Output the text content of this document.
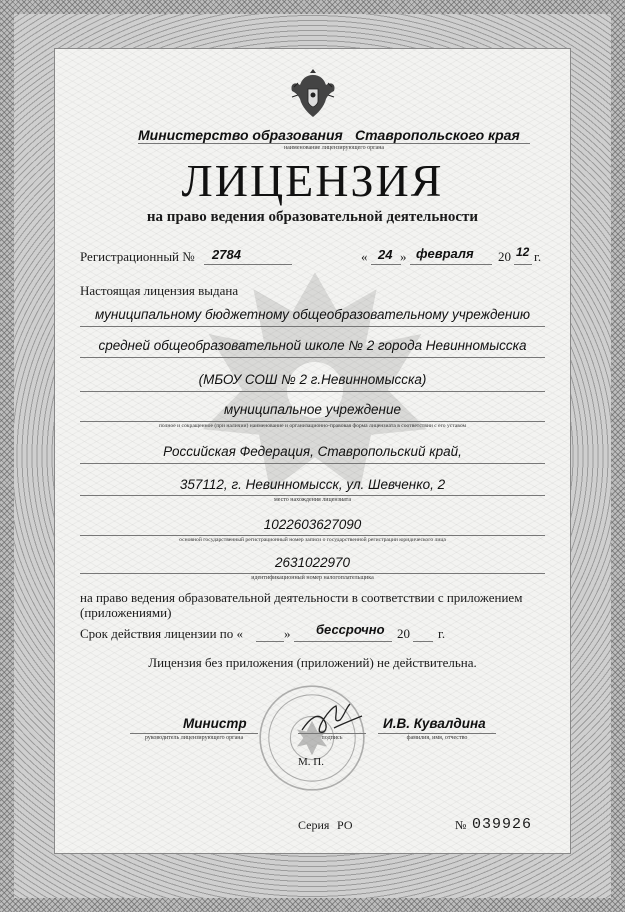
Министерство образования Ставропольского края
наименование лицензирующего органа
ЛИЦЕНЗИЯ
на право ведения образовательной деятельности
Регистрационный № 2784	« 24 » февраля 20 12 г.
Настоящая лицензия выдана
муниципальному бюджетному общеобразовательному учреждению
средней общеобразовательной школе № 2 города Невинномысска
(МБОУ СОШ № 2 г.Невинномысска)
муниципальное учреждение
полное и сокращенное (при наличии) наименование и организационно-правовая форма лицензиата в соответствии с его уставом
Российская Федерация, Ставропольский край,
357112, г. Невинномысск, ул. Шевченко, 2
место нахождения лицензиата
1022603627090
основной государственный регистрационный номер записи о государственной регистрации юридического лица
2631022970
идентификационный номер налогоплательщика
на право ведения образовательной деятельности в соответствии с приложением (приложениями)
Срок действия лицензии по «	» бессрочно 20 г.
Лицензия без приложения (приложений) не действительна.
Министр
руководитель лицензирующего органа	подпись
И.В. Кувалдина
фамилия, имя, отчество
М. П.
Серия РО	№ 039926
